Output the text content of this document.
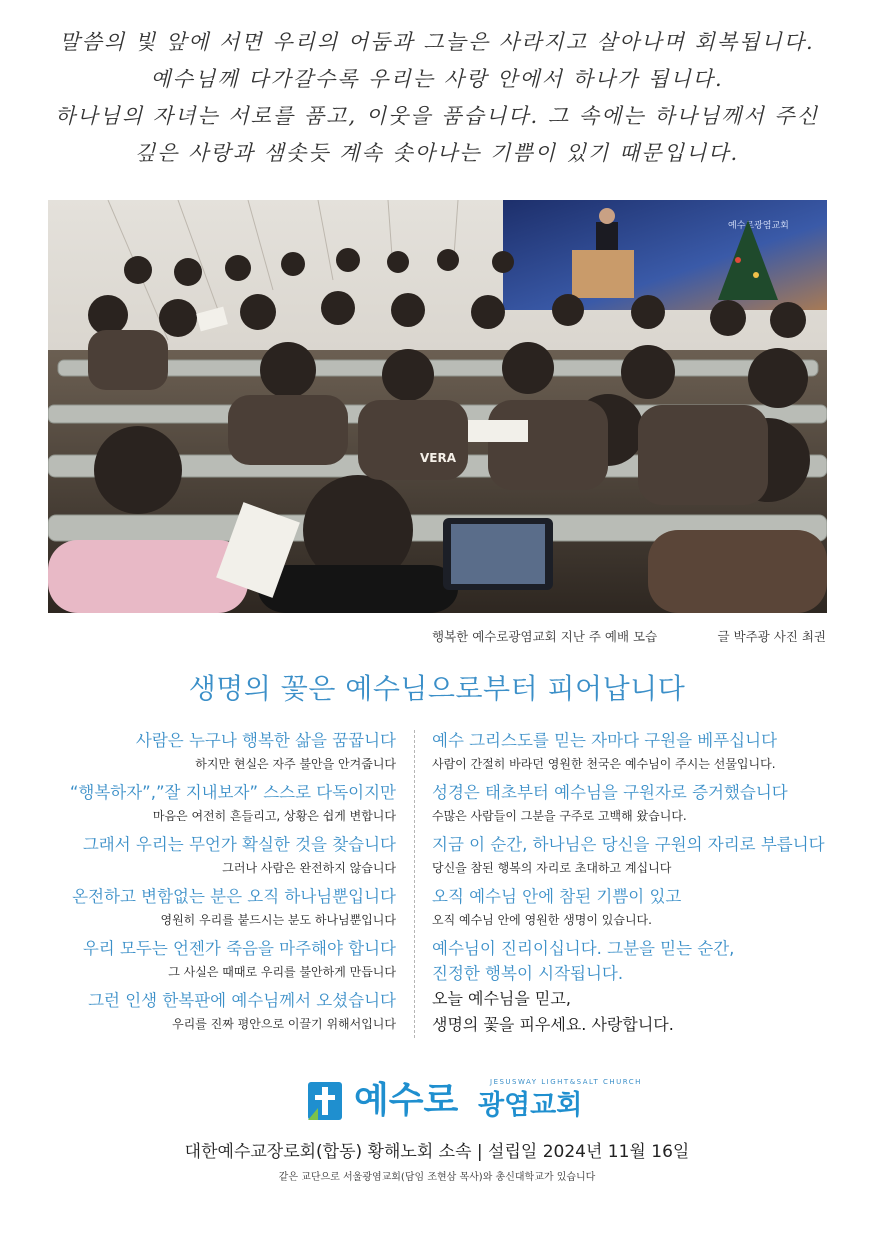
말씀의 빛 앞에 서면 우리의 어둠과 그늘은 사라지고 살아나며 회복됩니다.
예수님께 다가갈수록 우리는 사랑 안에서 하나가 됩니다.
하나님의 자녀는 서로를 품고, 이웃을 품습니다. 그 속에는 하나님께서 주신
깊은 사랑과 샘솟듯 계속 솟아나는 기쁨이 있기 때문입니다.
예수로광염교회
VERA
행복한 예수로광염교회 지난 주 예배 모습	글 박주광 사진 최권
생명의 꽃은 예수님으로부터 피어납니다
사람은 누구나 행복한 삶을 꿈꿉니다
하지만 현실은 자주 불안을 안겨줍니다
“행복하자”,”잘 지내보자” 스스로 다독이지만
마음은 여전히 흔들리고, 상황은 쉽게 변합니다
그래서 우리는 무언가 확실한 것을 찾습니다
그러나 사람은 완전하지 않습니다
온전하고 변함없는 분은 오직 하나님뿐입니다
영원히 우리를 붙드시는 분도 하나님뿐입니다
우리 모두는 언젠가 죽음을 마주해야 합니다
그 사실은 때때로 우리를 불안하게 만듭니다
그런 인생 한복판에 예수님께서 오셨습니다
우리를 진짜 평안으로 이끌기 위해서입니다
예수 그리스도를 믿는 자마다 구원을 베푸십니다
사람이 간절히 바라던 영원한 천국은 예수님이 주시는 선물입니다.
성경은 태초부터 예수님을 구원자로 증거했습니다
수많은 사람들이 그분을 구주로 고백해 왔습니다.
지금 이 순간, 하나님은 당신을 구원의 자리로 부릅니다
당신을 참된 행복의 자리로 초대하고 계십니다
오직 예수님 안에 참된 기쁨이 있고
오직 예수님 안에 영원한 생명이 있습니다.
예수님이 진리이십니다. 그분을 믿는 순간,
진정한 행복이 시작됩니다.
오늘 예수님을 믿고,
생명의 꽃을 피우세요. 사랑합니다.
JESUSWAY LIGHT&SALT CHURCH
예수로 광염교회
대한예수교장로회(합동) 황해노회 소속 | 설립일 2024년 11월 16일
같은 교단으로 서울광염교회(담임 조현삼 목사)와 총신대학교가 있습니다
